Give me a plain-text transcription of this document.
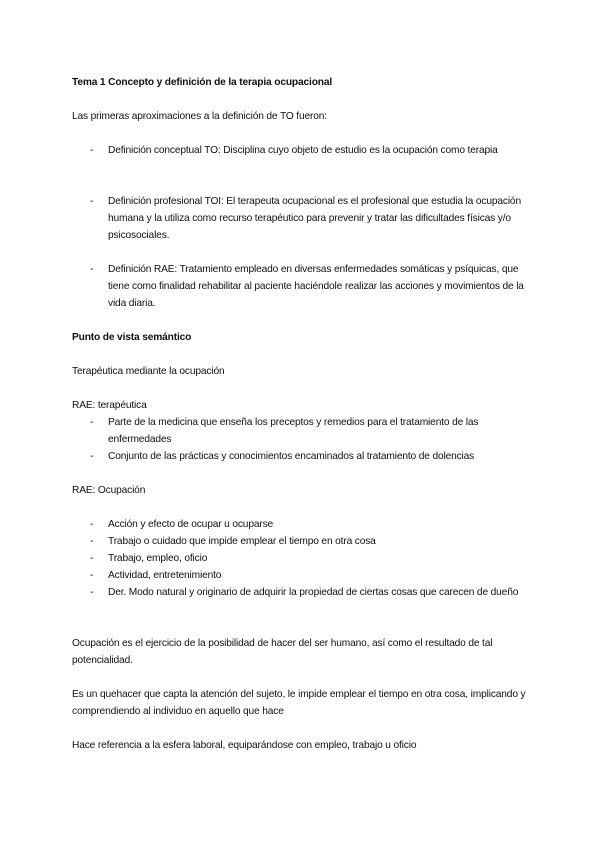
Tema 1 Concepto y definición de la terapia ocupacional
Las primeras aproximaciones a la definición de TO fueron:
- Definición conceptual TO: Disciplina cuyo objeto de estudio es la ocupación como terapia
- Definición profesional TOI: El terapeuta ocupacional es el profesional que estudia la ocupación humana y la utiliza como recurso terapéutico para prevenir y tratar las dificultades físicas y/o psicosociales.
- Definición RAE: Tratamiento empleado en diversas enfermedades somáticas y psíquicas, que tiene como finalidad rehabilitar al paciente haciéndole realizar las acciones y movimientos de la vida diaria.
Punto de vista semántico
Terapéutica mediante la ocupación
RAE: terapéutica
- Parte de la medicina que enseña los preceptos y remedios para el tratamiento de las enfermedades
- Conjunto de las prácticas y conocimientos encaminados al tratamiento de dolencias
RAE: Ocupación
- Acción y efecto de ocupar u ocuparse
- Trabajo o cuidado que impide emplear el tiempo en otra cosa
- Trabajo, empleo, oficio
- Actividad, entretenimiento
- Der. Modo natural y originario de adquirir la propiedad de ciertas cosas que carecen de dueño
Ocupación es el ejercicio de la posibilidad de hacer del ser humano, así como el resultado de tal potencialidad.
Es un quehacer que capta la atención del sujeto, le impide emplear el tiempo en otra cosa, implicando y comprendiendo al individuo en aquello que hace
Hace referencia a la esfera laboral, equiparándose con empleo, trabajo u oficio
